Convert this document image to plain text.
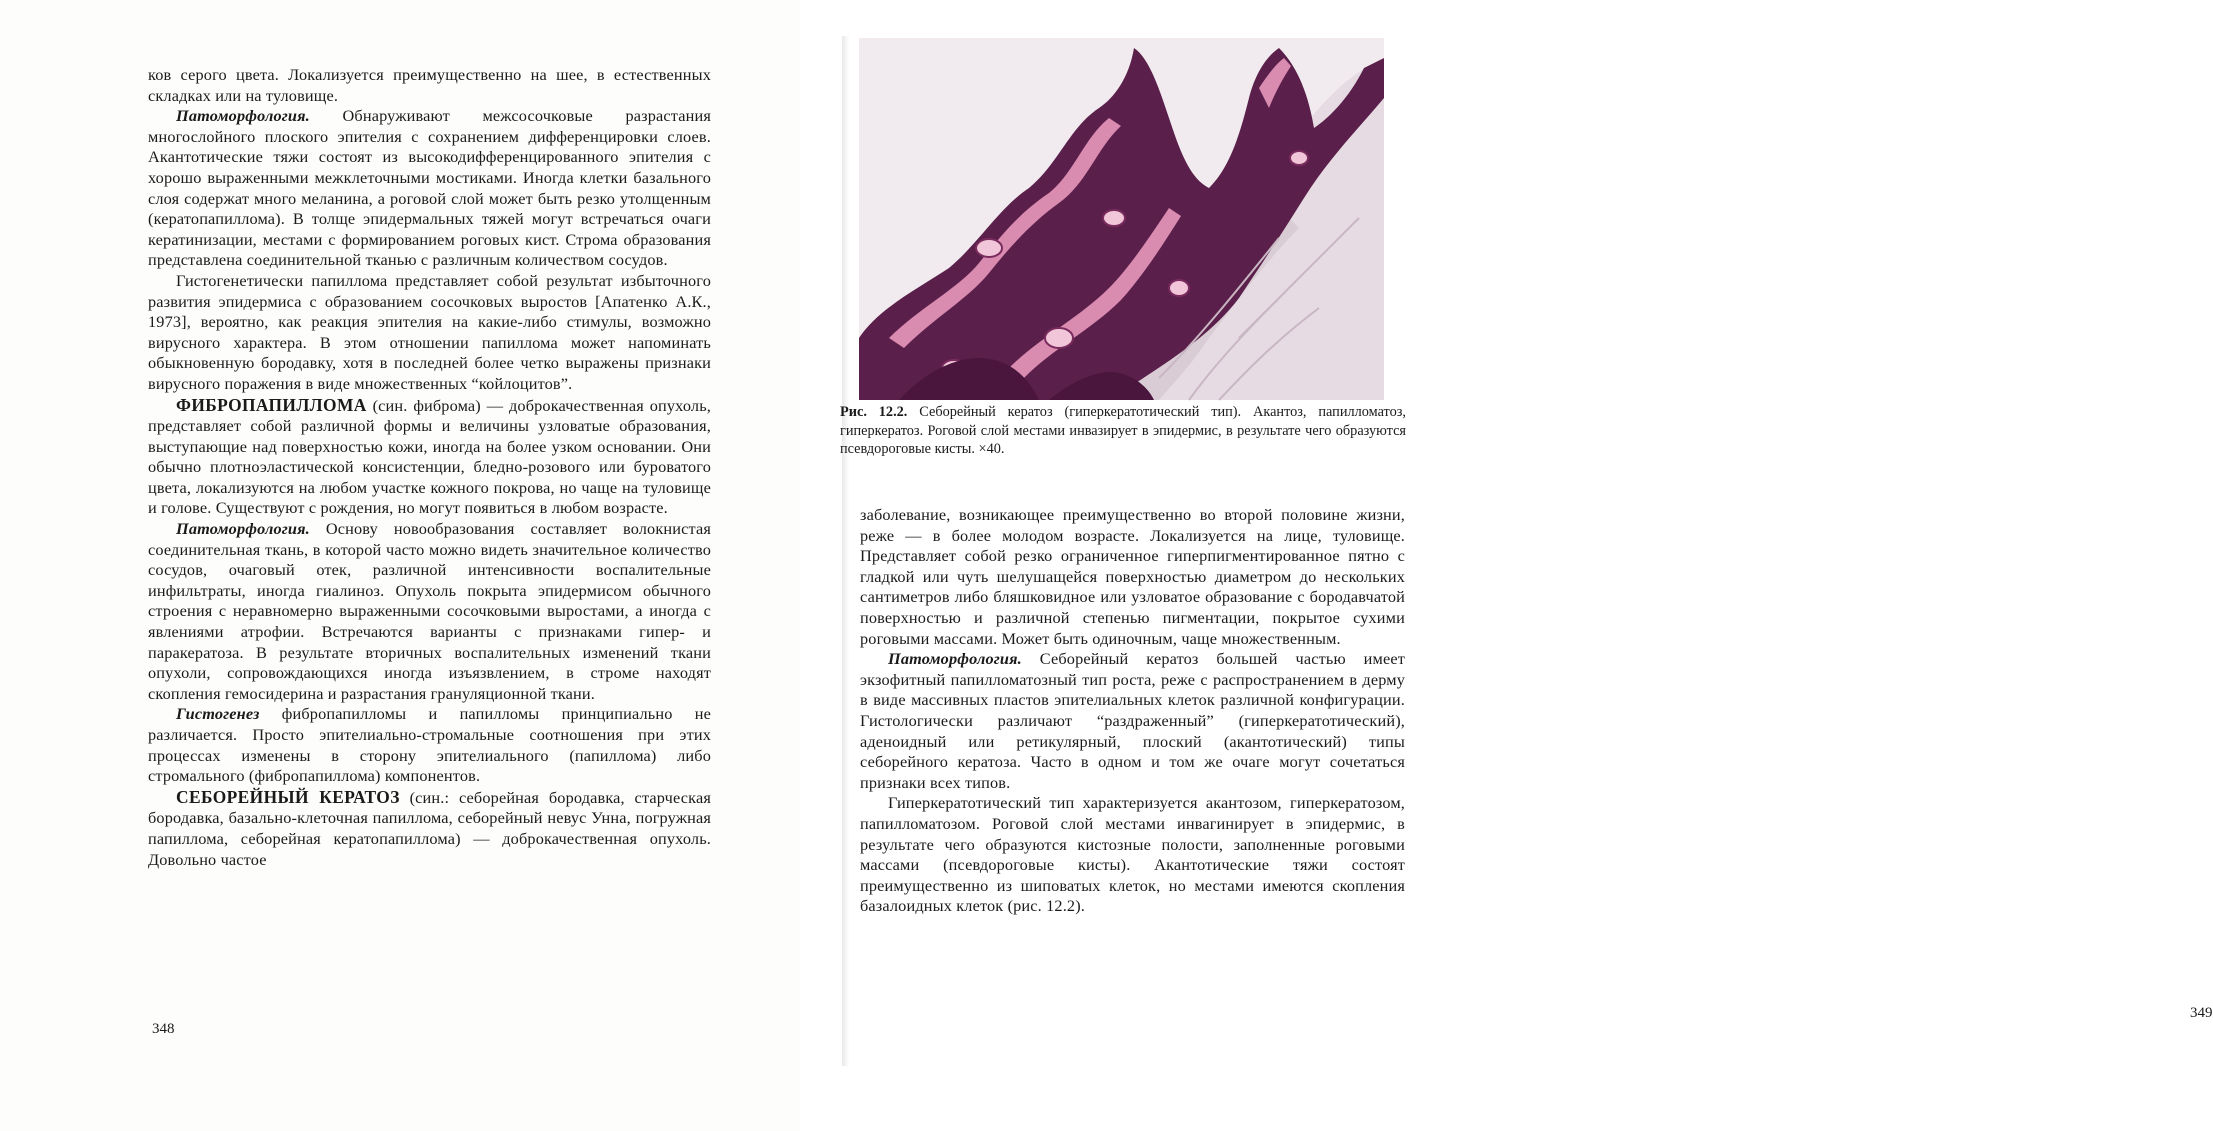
ков серого цвета. Локализуется преимущественно на шее, в естественных складках или на туловище.

Патоморфология. Обнаруживают межсосочковые разрастания многослойного плоского эпителия с сохранением дифференцировки слоев. Акантотические тяжи состоят из высокодифференцированного эпителия с хорошо выраженными межклеточными мостиками. Иногда клетки базального слоя содержат много меланина, а роговой слой может быть резко утолщенным (кератопапиллома). В толще эпидермальных тяжей могут встречаться очаги кератинизации, местами с формированием роговых кист. Строма образования представлена соединительной тканью с различным количеством сосудов.

Гистогенетически папиллома представляет собой результат избыточного развития эпидермиса с образованием сосочковых выростов [Апатенко А.К., 1973], вероятно, как реакция эпителия на какие-либо стимулы, возможно вирусного характера. В этом отношении папиллома может напоминать обыкновенную бородавку, хотя в последней более четко выражены признаки вирусного поражения в виде множественных “койлоцитов”.

ФИБРОПАПИЛЛОМА (син. фиброма) — доброкачественная опухоль, представляет собой различной формы и величины узловатые образования, выступающие над поверхностью кожи, иногда на более узком основании. Они обычно плотноэластической консистенции, бледно-розового или буроватого цвета, локализуются на любом участке кожного покрова, но чаще на туловище и голове. Существуют с рождения, но могут появиться в любом возрасте.

Патоморфология. Основу новообразования составляет волокнистая соединительная ткань, в которой часто можно видеть значительное количество сосудов, очаговый отек, различной интенсивности воспалительные инфильтраты, иногда гиалиноз. Опухоль покрыта эпидермисом обычного строения с неравномерно выраженными сосочковыми выростами, а иногда с явлениями атрофии. Встречаются варианты с признаками гипер- и паракератоза. В результате вторичных воспалительных изменений ткани опухоли, сопровождающихся иногда изъязвлением, в строме находят скопления гемосидерина и разрастания грануляционной ткани.

Гистогенез фибропапилломы и папилломы принципиально не различается. Просто эпителиально-стромальные соотношения при этих процессах изменены в сторону эпителиального (папиллома) либо стромального (фибропапиллома) компонентов.

СЕБОРЕЙНЫЙ КЕРАТОЗ (син.: себорейная бородавка, старческая бородавка, базально-клеточная папиллома, себорейный невус Унна, погружная папиллома, себорейная кератопапиллома) — доброкачественная опухоль. Довольно частое

348
349
Рис. 12.2. Себорейный кератоз (гиперкератотический тип). Акантоз, папилломатоз, гиперкератоз. Роговой слой местами инвазирует в эпидермис, в результате чего образуются псевдороговые кисты. ×40.

заболевание, возникающее преимущественно во второй половине жизни, реже — в более молодом возрасте. Локализуется на лице, туловище. Представляет собой резко ограниченное гиперпигментированное пятно с гладкой или чуть шелушащейся поверхностью диаметром до нескольких сантиметров либо бляшковидное или узловатое образование с бородавчатой поверхностью и различной степенью пигментации, покрытое сухими роговыми массами. Может быть одиночным, чаще множественным.

Патоморфология. Себорейный кератоз большей частью имеет экзофитный папилломатозный тип роста, реже с распространением в дерму в виде массивных пластов эпителиальных клеток различной конфигурации. Гистологически различают “раздраженный” (гиперкератотический), аденоидный или ретикулярный, плоский (акантотический) типы себорейного кератоза. Часто в одном и том же очаге могут сочетаться признаки всех типов.

Гиперкератотический тип характеризуется акантозом, гиперкератозом, папилломатозом. Роговой слой местами инвагинирует в эпидермис, в результате чего образуются кистозные полости, заполненные роговыми массами (псевдороговые кисты). Акантотические тяжи состоят преимущественно из шиповатых клеток, но местами имеются скопления базалоидных клеток (рис. 12.2).
